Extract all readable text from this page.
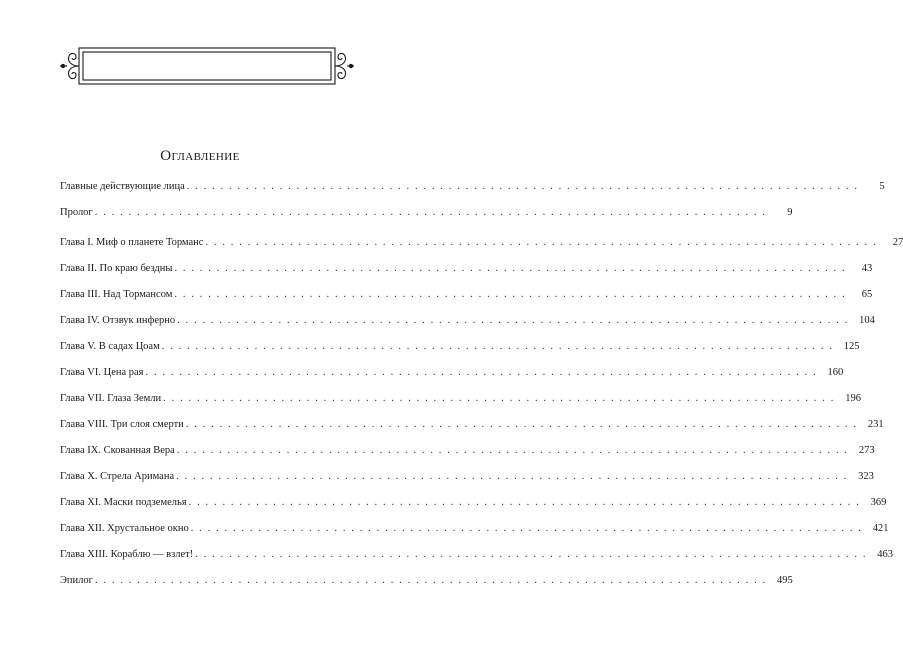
Оглавление
Главные действующие лица . . . . . . . . . . . . . . . . . . . . . . . . . . . . . . . . . . . . . . . . . . . . . . . . . . . . . . . . . . . . . . . . . . . . . . . . . . . . . . . .	5
Пролог . . . . . . . . . . . . . . . . . . . . . . . . . . . . . . . . . . . . . . . . . . . . . . . . . . . . . . . . . . . . . . . . . . . . . . . . . . . . . . . .	9
Глава I. Миф о планете Торманс . . . . . . . . . . . . . . . . . . . . . . . . . . . . . . . . . . . . . . . . . . . . . . . . . . . . . . . . . . . . . . . . . . . . . . . . . . . . . . . .	27
Глава II. По краю бездны . . . . . . . . . . . . . . . . . . . . . . . . . . . . . . . . . . . . . . . . . . . . . . . . . . . . . . . . . . . . . . . . . . . . . . . . . . . . . . . .	43
Глава III. Над Тормансом . . . . . . . . . . . . . . . . . . . . . . . . . . . . . . . . . . . . . . . . . . . . . . . . . . . . . . . . . . . . . . . . . . . . . . . . . . . . . . . .	65
Глава IV. Отзвук инферно . . . . . . . . . . . . . . . . . . . . . . . . . . . . . . . . . . . . . . . . . . . . . . . . . . . . . . . . . . . . . . . . . . . . . . . . . . . . . . . . 104
Глава V. В садах Цоам . . . . . . . . . . . . . . . . . . . . . . . . . . . . . . . . . . . . . . . . . . . . . . . . . . . . . . . . . . . . . . . . . . . . . . . . . . . . . . . . 125
Глава VI. Цена рая . . . . . . . . . . . . . . . . . . . . . . . . . . . . . . . . . . . . . . . . . . . . . . . . . . . . . . . . . . . . . . . . . . . . . . . . . . . . . . . . 160
Глава VII. Глаза Земли . . . . . . . . . . . . . . . . . . . . . . . . . . . . . . . . . . . . . . . . . . . . . . . . . . . . . . . . . . . . . . . . . . . . . . . . . . . . . . . . 196
Глава VIII. Три слоя смерти . . . . . . . . . . . . . . . . . . . . . . . . . . . . . . . . . . . . . . . . . . . . . . . . . . . . . . . . . . . . . . . . . . . . . . . . . . . . . . . . 231
Глава IX. Скованная Вера . . . . . . . . . . . . . . . . . . . . . . . . . . . . . . . . . . . . . . . . . . . . . . . . . . . . . . . . . . . . . . . . . . . . . . . . . . . . . . . . 273
Глава X. Стрела Аримана . . . . . . . . . . . . . . . . . . . . . . . . . . . . . . . . . . . . . . . . . . . . . . . . . . . . . . . . . . . . . . . . . . . . . . . . . . . . . . . . 323
Глава XI. Маски подземелья . . . . . . . . . . . . . . . . . . . . . . . . . . . . . . . . . . . . . . . . . . . . . . . . . . . . . . . . . . . . . . . . . . . . . . . . . . . . . . . . 369
Глава XII. Хрустальное окно . . . . . . . . . . . . . . . . . . . . . . . . . . . . . . . . . . . . . . . . . . . . . . . . . . . . . . . . . . . . . . . . . . . . . . . . . . . . . . . . 421
Глава XIII. Кораблю — взлет! . . . . . . . . . . . . . . . . . . . . . . . . . . . . . . . . . . . . . . . . . . . . . . . . . . . . . . . . . . . . . . . . . . . . . . . . . . . . . . . . 463
Эпилог . . . . . . . . . . . . . . . . . . . . . . . . . . . . . . . . . . . . . . . . . . . . . . . . . . . . . . . . . . . . . . . . . . . . . . . . . . . . . . . . 495
